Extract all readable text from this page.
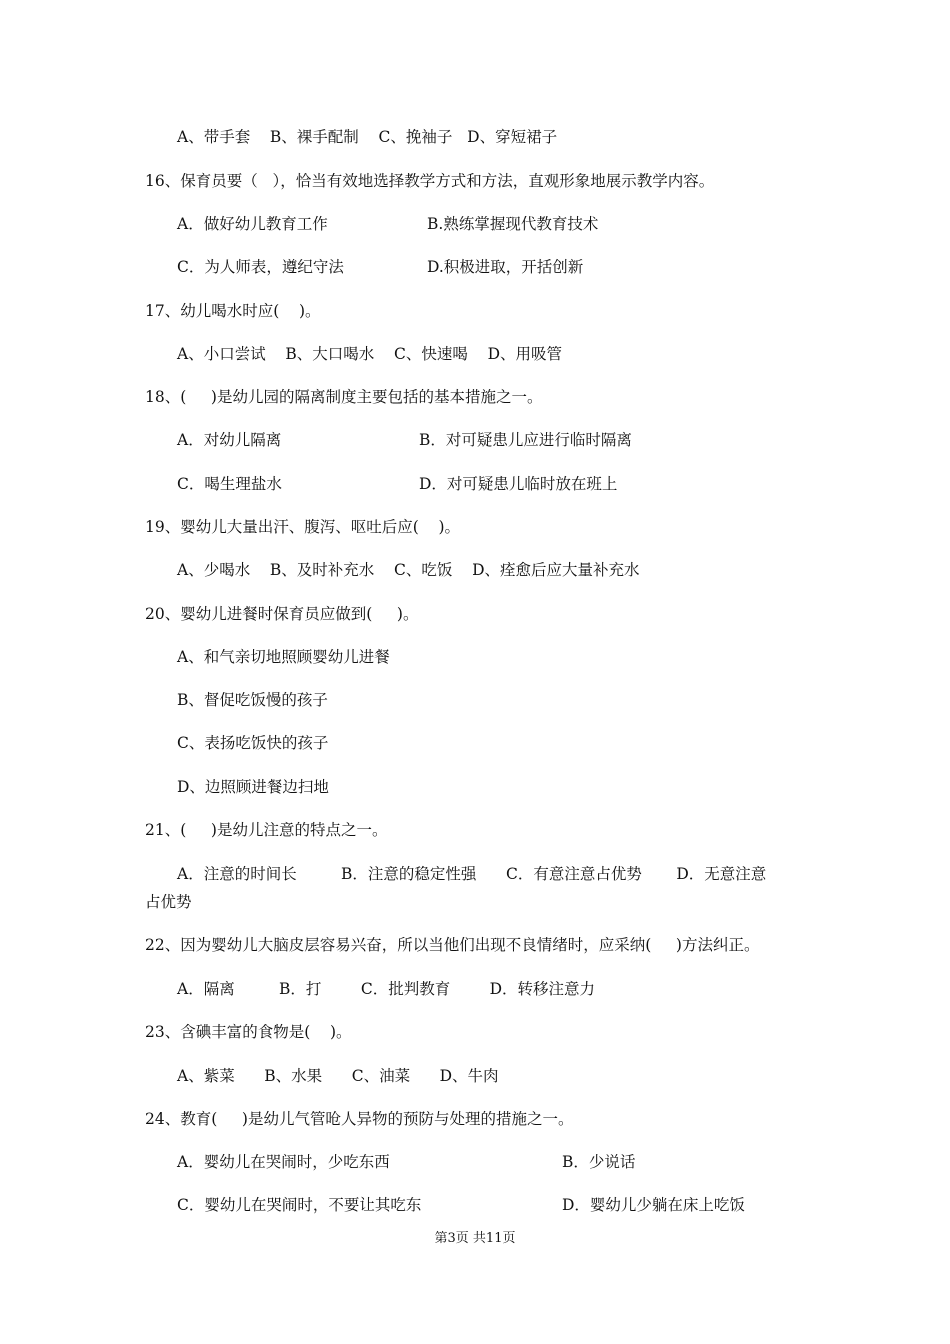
A、带手套    B、裸手配制    C、挽袖子   D、穿短裙子
16、保育员要（   ），恰当有效地选择教学方式和方法，直观形象地展示教学内容。
A．做好幼儿教育工作	B.熟练掌握现代教育技术
C．为人师表，遵纪守法	D.积极进取，开括创新
17、幼儿喝水时应(    )。
A、小口尝试    B、大口喝水    C、快速喝    D、用吸管
18、(     )是幼儿园的隔离制度主要包括的基本措施之一。
A．对幼儿隔离	B．对可疑患儿应进行临时隔离
C．喝生理盐水	D．对可疑患儿临时放在班上
19、婴幼儿大量出汗、腹泻、呕吐后应(    )。
A、少喝水    B、及时补充水    C、吃饭    D、痊愈后应大量补充水
20、婴幼儿进餐时保育员应做到(     )。
A、和气亲切地照顾婴幼儿进餐
B、督促吃饭慢的孩子
C、表扬吃饭快的孩子
D、边照顾进餐边扫地
21、(     )是幼儿注意的特点之一。
A．注意的时间长         B．注意的稳定性强      C．有意注意占优势       D．无意注意
占优势
22、因为婴幼儿大脑皮层容易兴奋，所以当他们出现不良情绪时，应采纳(     )方法纠正。
A．隔离         B．打        C．批判教育        D．转移注意力
23、含碘丰富的食物是(    )。
A、紫菜      B、水果      C、油菜      D、牛肉
24、教育(     )是幼儿气管呛人异物的预防与处理的措施之一。
A．婴幼儿在哭闹时，少吃东西	B．少说话
C．婴幼儿在哭闹时，不要让其吃东	D．婴幼儿少躺在床上吃饭
第3页 共11页
